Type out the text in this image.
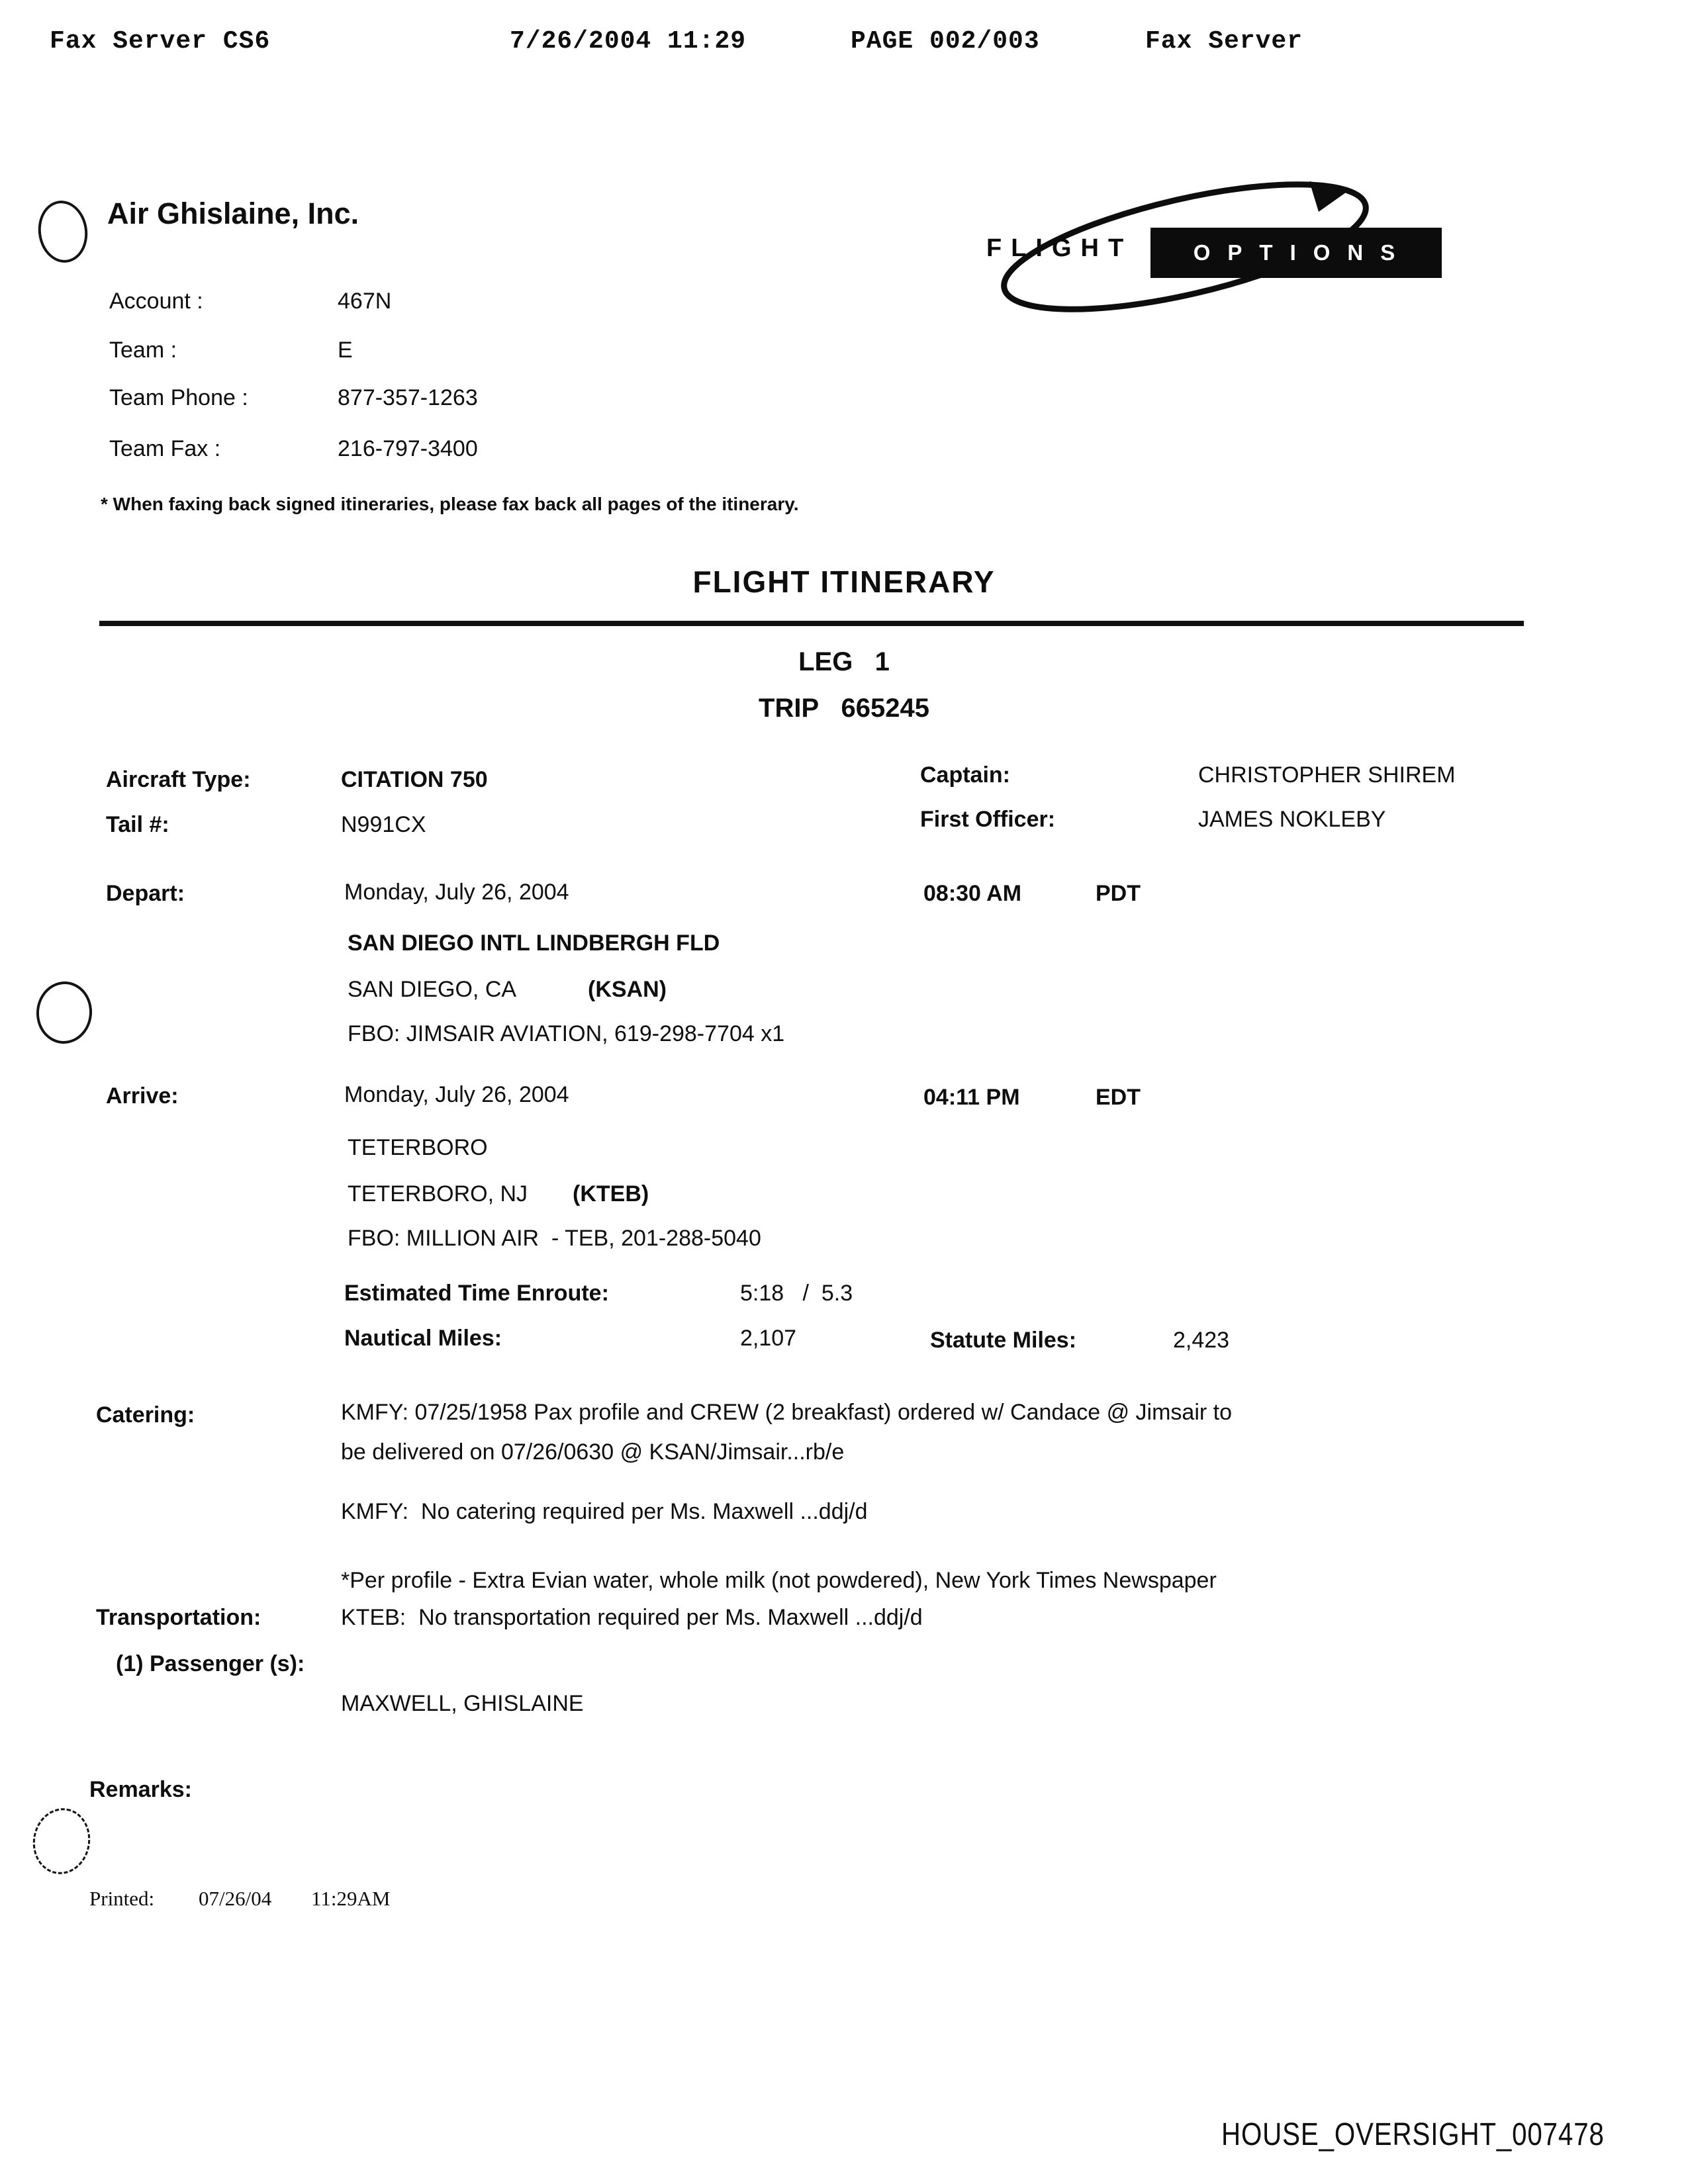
Fax Server CS6	7/26/2004 11:29	PAGE 002/003	Fax Server
Air Ghislaine, Inc.
FLIGHT	OPTIONS
Account :	467N
Team :	E
Team Phone :	877-357-1263
Team Fax :	216-797-3400
* When faxing back signed itineraries, please fax back all pages of the itinerary.
FLIGHT ITINERARY
LEG 1
TRIP 665245
Aircraft Type:	CITATION 750
Tail #:	N991CX
Captain:	CHRISTOPHER SHIREM
First Officer:	JAMES NOKLEBY
Depart:	Monday, July 26, 2004	08:30 AM	PDT
SAN DIEGO INTL LINDBERGH FLD
SAN DIEGO, CA	(KSAN)
FBO: JIMSAIR AVIATION, 619-298-7704 x1
Arrive:	Monday, July 26, 2004	04:11 PM	EDT
TETERBORO
TETERBORO, NJ (KTEB)
FBO: MILLION AIR  - TEB, 201-288-5040
Estimated Time Enroute:	5:18   /  5.3
Nautical Miles:	2,107	Statute Miles:	2,423
Catering:	KMFY: 07/25/1958 Pax profile and CREW (2 breakfast) ordered w/ Candace @ Jimsair to
be delivered on 07/26/0630 @ KSAN/Jimsair...rb/e
KMFY:  No catering required per Ms. Maxwell ...ddj/d
*Per profile - Extra Evian water, whole milk (not powdered), New York Times Newspaper
Transportation:	KTEB:  No transportation required per Ms. Maxwell ...ddj/d
(1) Passenger (s):
MAXWELL, GHISLAINE
Remarks:
Printed: 07/26/04 11:29AM
HOUSE_OVERSIGHT_007478
